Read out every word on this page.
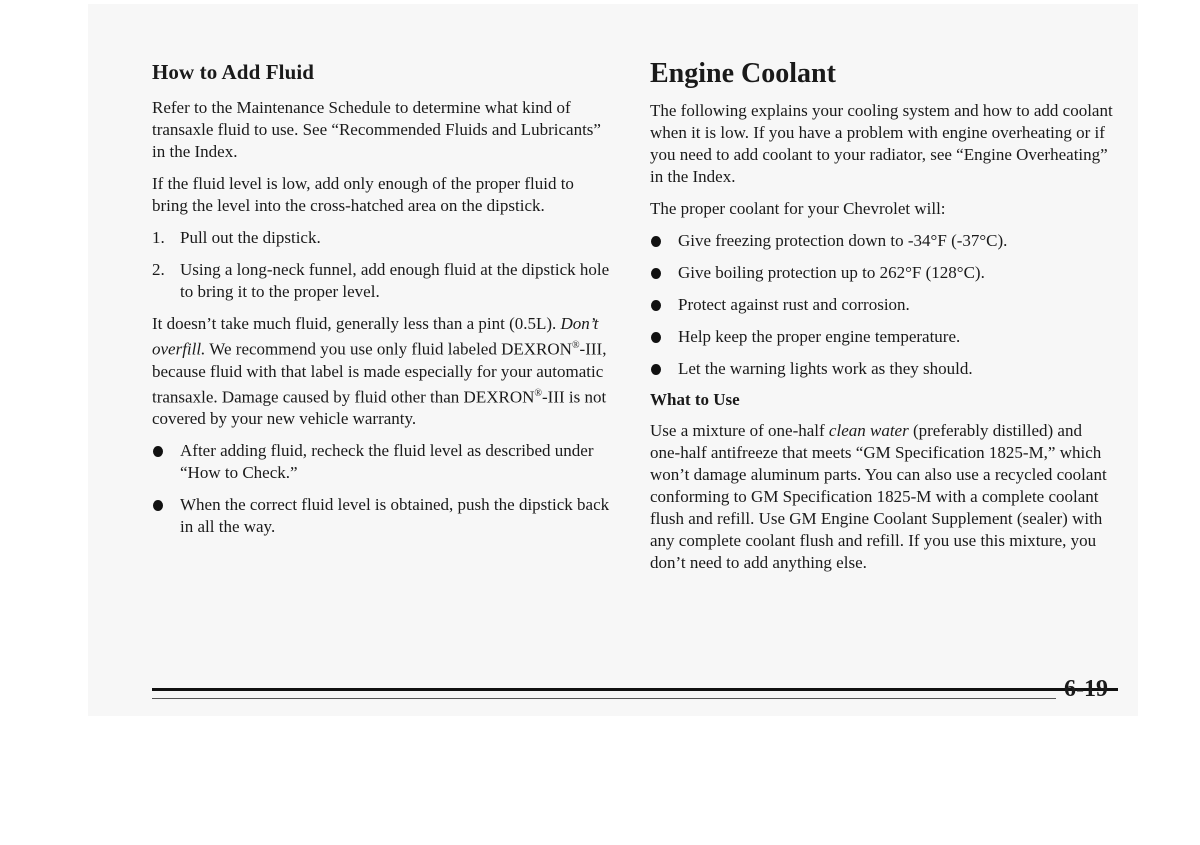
How to Add Fluid

Refer to the Maintenance Schedule to determine what kind of transaxle fluid to use. See “Recommended Fluids and Lubricants” in the Index.

If the fluid level is low, add only enough of the proper fluid to bring the level into the cross-hatched area on the dipstick.

1. Pull out the dipstick.
2. Using a long-neck funnel, add enough fluid at the dipstick hole to bring it to the proper level.

It doesn’t take much fluid, generally less than a pint (0.5L). Don’t overfill. We recommend you use only fluid labeled DEXRON®-III, because fluid with that label is made especially for your automatic transaxle. Damage caused by fluid other than DEXRON®-III is not covered by your new vehicle warranty.

After adding fluid, recheck the fluid level as described under “How to Check.”
When the correct fluid level is obtained, push the dipstick back in all the way.
Engine Coolant

The following explains your cooling system and how to add coolant when it is low. If you have a problem with engine overheating or if you need to add coolant to your radiator, see “Engine Overheating” in the Index.

The proper coolant for your Chevrolet will:

Give freezing protection down to -34°F (-37°C).
Give boiling protection up to 262°F (128°C).
Protect against rust and corrosion.
Help keep the proper engine temperature.
Let the warning lights work as they should.
What to Use

Use a mixture of one-half clean water (preferably distilled) and one-half antifreeze that meets “GM Specification 1825-M,” which won’t damage aluminum parts. You can also use a recycled coolant conforming to GM Specification 1825-M with a complete coolant flush and refill. Use GM Engine Coolant Supplement (sealer) with any complete coolant flush and refill. If you use this mixture, you don’t need to add anything else.

6-19
